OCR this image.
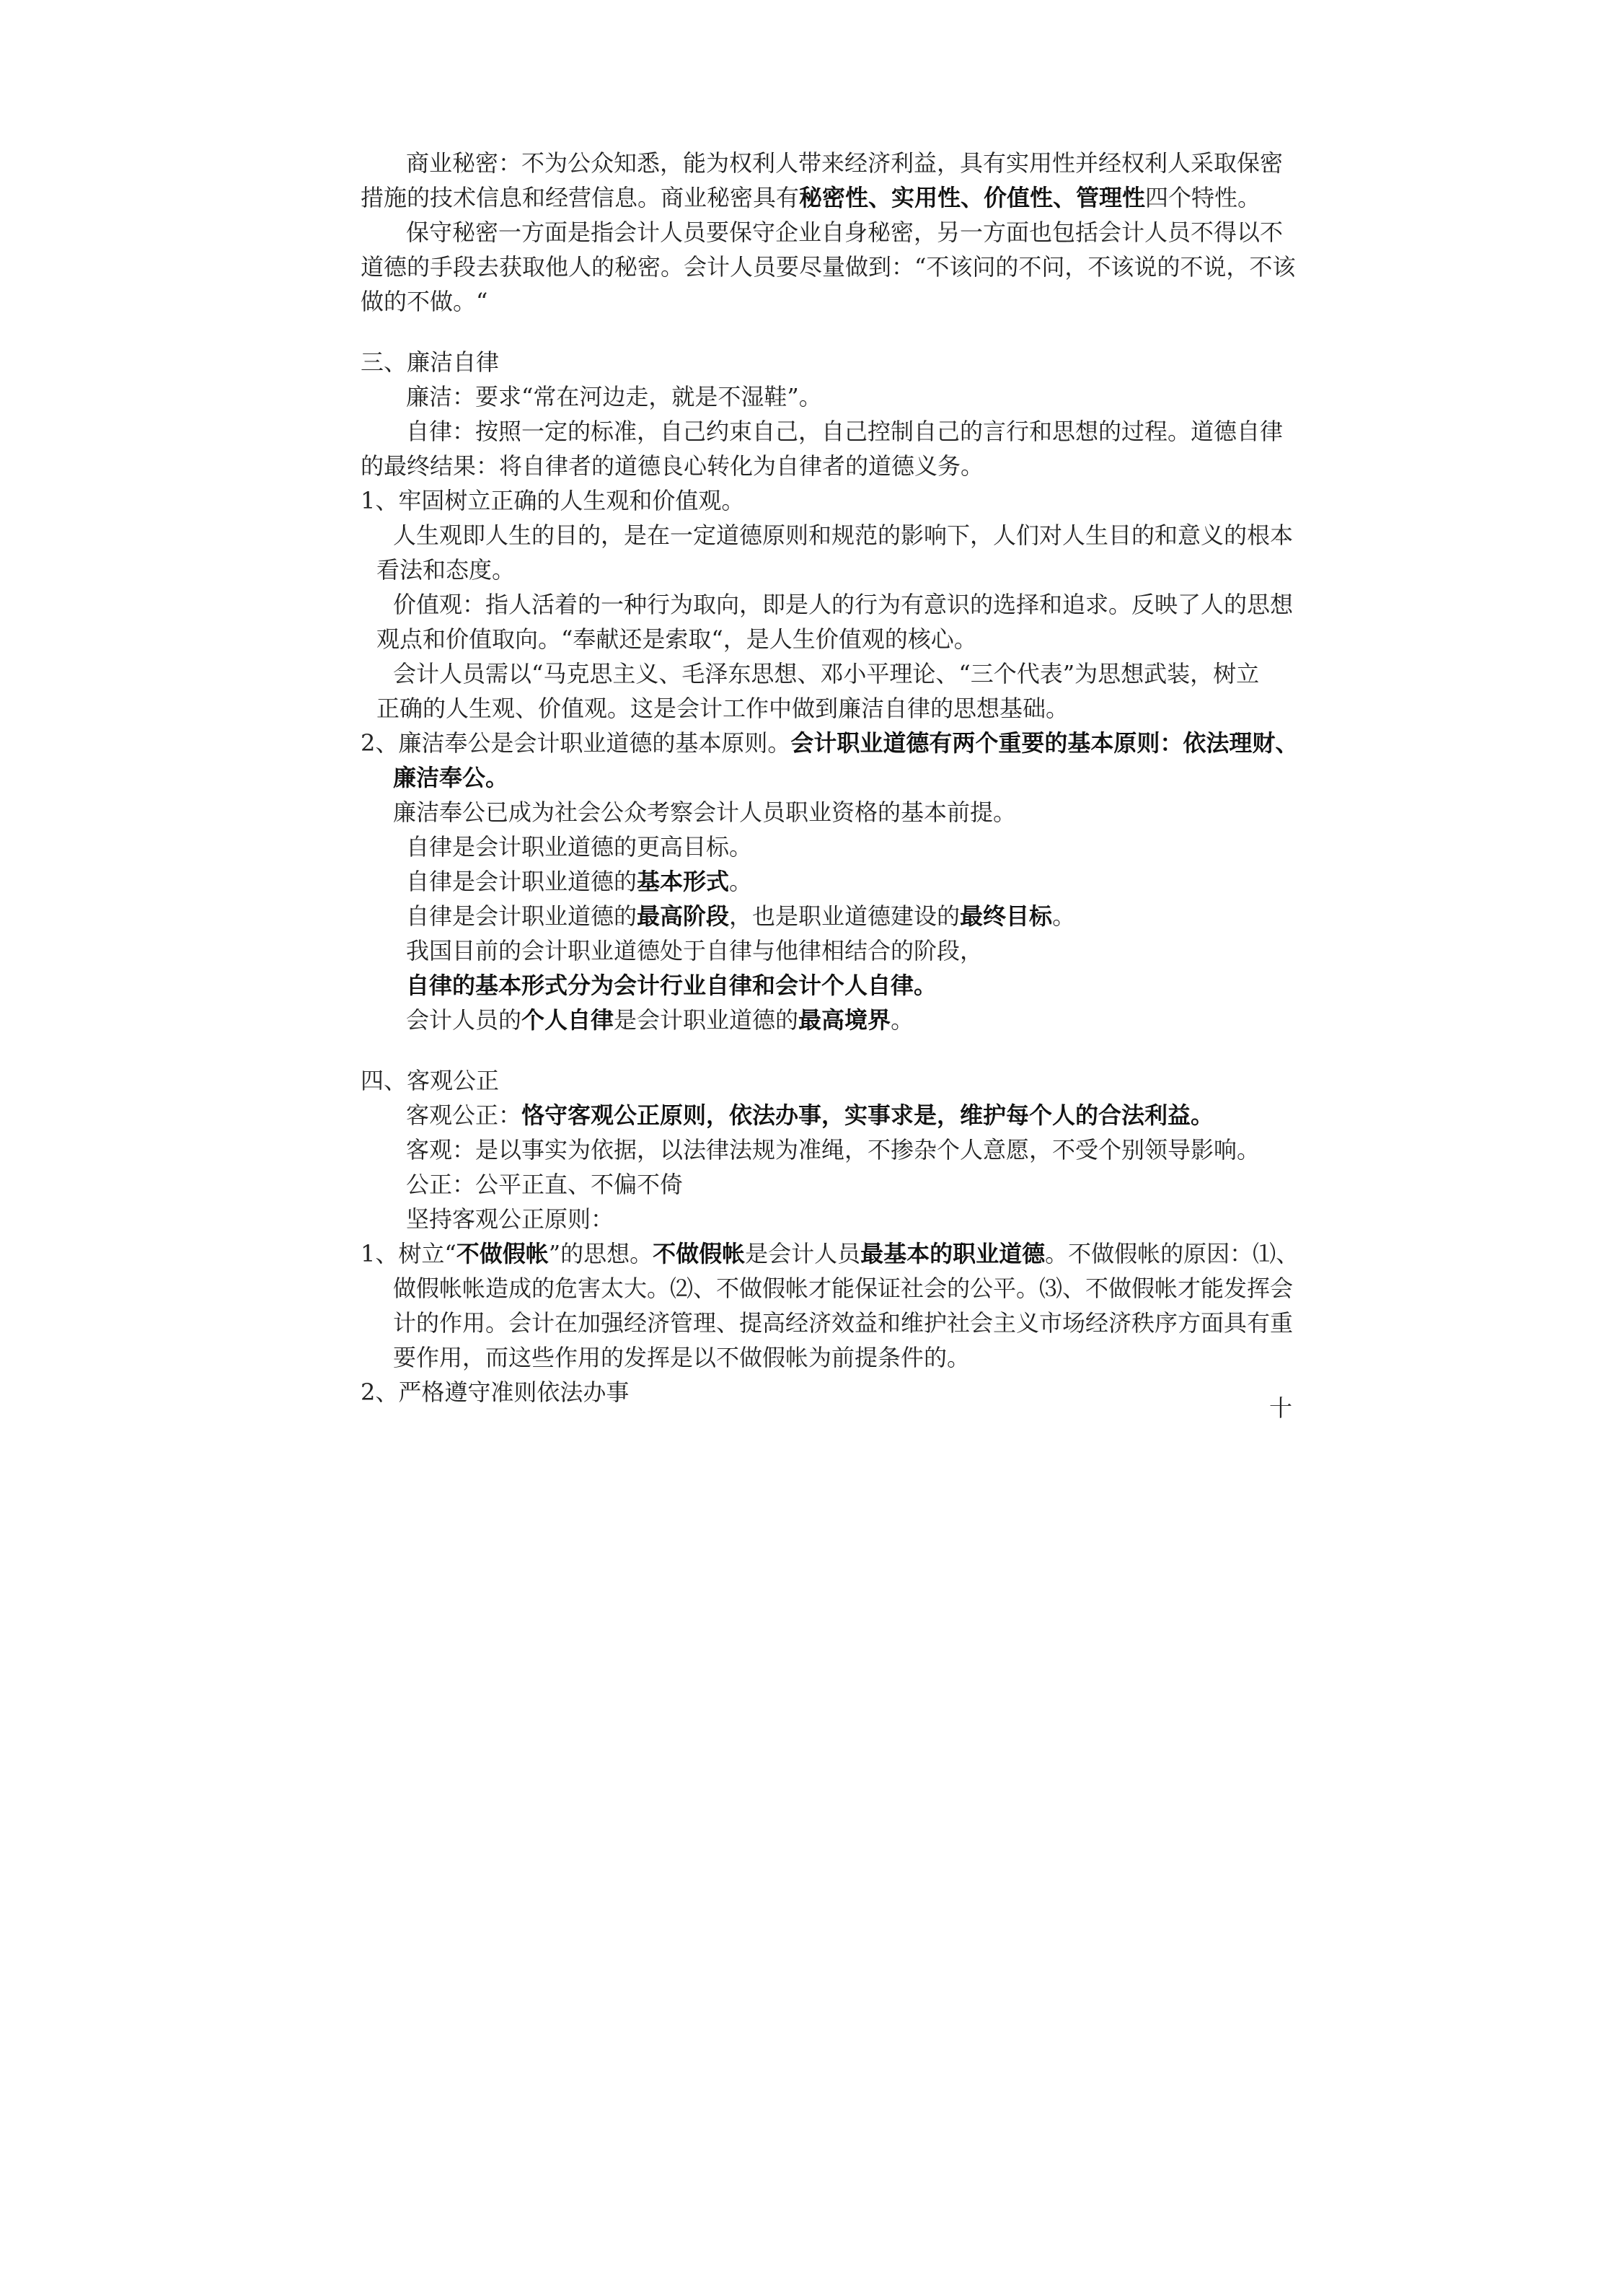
商业秘密：不为公众知悉，能为权利人带来经济利益，具有实用性并经权利人采取保密
措施的技术信息和经营信息。商业秘密具有秘密性、实用性、价值性、管理性四个特性。
保守秘密一方面是指会计人员要保守企业自身秘密，另一方面也包括会计人员不得以不
道德的手段去获取他人的秘密。会计人员要尽量做到：“不该问的不问，不该说的不说，不该
做的不做。“
三、廉洁自律
廉洁：要求“常在河边走，就是不湿鞋”。
自律：按照一定的标准，自己约束自己，自己控制自己的言行和思想的过程。道德自律
的最终结果：将自律者的道德良心转化为自律者的道德义务。
1、牢固树立正确的人生观和价值观。
人生观即人生的目的，是在一定道德原则和规范的影响下，人们对人生目的和意义的根本
看法和态度。
价值观：指人活着的一种行为取向，即是人的行为有意识的选择和追求。反映了人的思想
观点和价值取向。“奉献还是索取“，是人生价值观的核心。
会计人员需以“马克思主义、毛泽东思想、邓小平理论、“三个代表”为思想武装，树立
正确的人生观、价值观。这是会计工作中做到廉洁自律的思想基础。
2、廉洁奉公是会计职业道德的基本原则。会计职业道德有两个重要的基本原则：依法理财、
廉洁奉公。
廉洁奉公已成为社会公众考察会计人员职业资格的基本前提。
自律是会计职业道德的更高目标。
自律是会计职业道德的基本形式。
自律是会计职业道德的最高阶段，也是职业道德建设的最终目标。
我国目前的会计职业道德处于自律与他律相结合的阶段，
自律的基本形式分为会计行业自律和会计个人自律。
会计人员的个人自律是会计职业道德的最高境界。
四、客观公正
客观公正：恪守客观公正原则，依法办事，实事求是，维护每个人的合法利益。
客观：是以事实为依据，以法律法规为准绳，不掺杂个人意愿，不受个别领导影响。
公正：公平正直、不偏不倚
坚持客观公正原则：
1、树立“不做假帐”的思想。不做假帐是会计人员最基本的职业道德。不做假帐的原因：⑴、
做假帐帐造成的危害太大。⑵、不做假帐才能保证社会的公平。⑶、不做假帐才能发挥会
计的作用。会计在加强经济管理、提高经济效益和维护社会主义市场经济秩序方面具有重
要作用，而这些作用的发挥是以不做假帐为前提条件的。
2、严格遵守准则依法办事
十
